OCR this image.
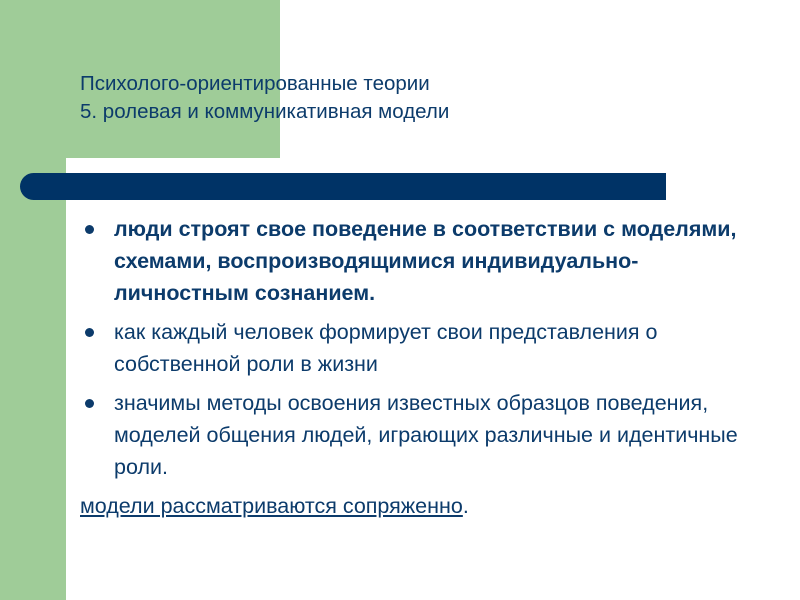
Психолого-ориентированные теории
5. ролевая и коммуникативная модели
люди строят свое поведение в соответствии с моделями, схемами, воспроизводящимися индивидуально-личностным сознанием.
как каждый человек формирует свои представления о собственной роли в жизни
значимы методы освоения известных образцов поведения, моделей общения людей, играющих различные и идентичные роли.
модели рассматриваются сопряженно.
